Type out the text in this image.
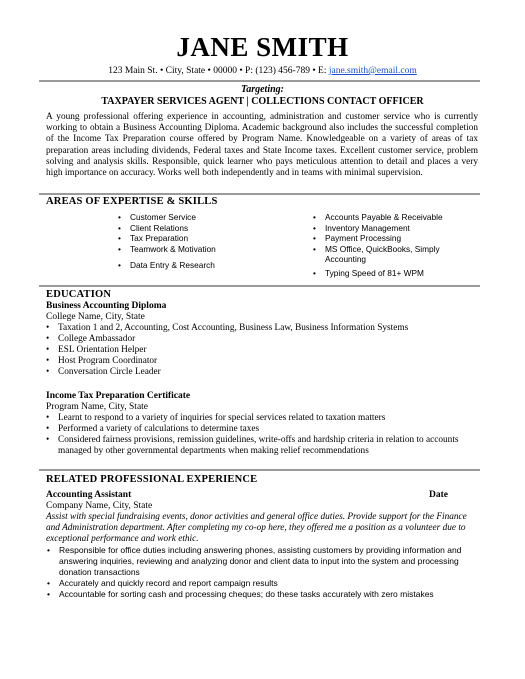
JANE SMITH
123 Main St. • City, State • 00000 • P: (123) 456-789 • E: jane.smith@email.com
Targeting:
TAXPAYER SERVICES AGENT | COLLECTIONS CONTACT OFFICER
A young professional offering experience in accounting, administration and customer service who is currently working to obtain a Business Accounting Diploma. Academic background also includes the successful completion of the Income Tax Preparation course offered by Program Name. Knowledgeable on a variety of areas of tax preparation areas including dividends, Federal taxes and State Income taxes. Excellent customer service, problem solving and analysis skills. Responsible, quick learner who pays meticulous attention to detail and places a very high importance on accuracy. Works well both independently and in teams with minimal supervision.
AREAS OF EXPERTISE & SKILLS
• Customer Service
• Client Relations
• Tax Preparation
• Teamwork & Motivation
• Data Entry & Research
• Accounts Payable & Receivable
• Inventory Management
• Payment Processing
• MS Office, QuickBooks, Simply Accounting
• Typing Speed of 81+ WPM
EDUCATION
Business Accounting Diploma
College Name, City, State
• Taxation 1 and 2, Accounting, Cost Accounting, Business Law, Business Information Systems
• College Ambassador
• ESL Orientation Helper
• Host Program Coordinator
• Conversation Circle Leader
Income Tax Preparation Certificate
Program Name, City, State
• Learnt to respond to a variety of inquiries for special services related to taxation matters
• Performed a variety of calculations to determine taxes
• Considered fairness provisions, remission guidelines, write-offs and hardship criteria in relation to accounts managed by other governmental departments when making relief recommendations
RELATED PROFESSIONAL EXPERIENCE
Accounting Assistant	Date
Company Name, City, State
Assist with special fundraising events, donor activities and general office duties. Provide support for the Finance and Administration department. After completing my co-op here, they offered me a position as a volunteer due to exceptional performance and work ethic.
• Responsible for office duties including answering phones, assisting customers by providing information and answering inquiries, reviewing and analyzing donor and client data to input into the system and processing donation transactions
• Accurately and quickly record and report campaign results
• Accountable for sorting cash and processing cheques; do these tasks accurately with zero mistakes
